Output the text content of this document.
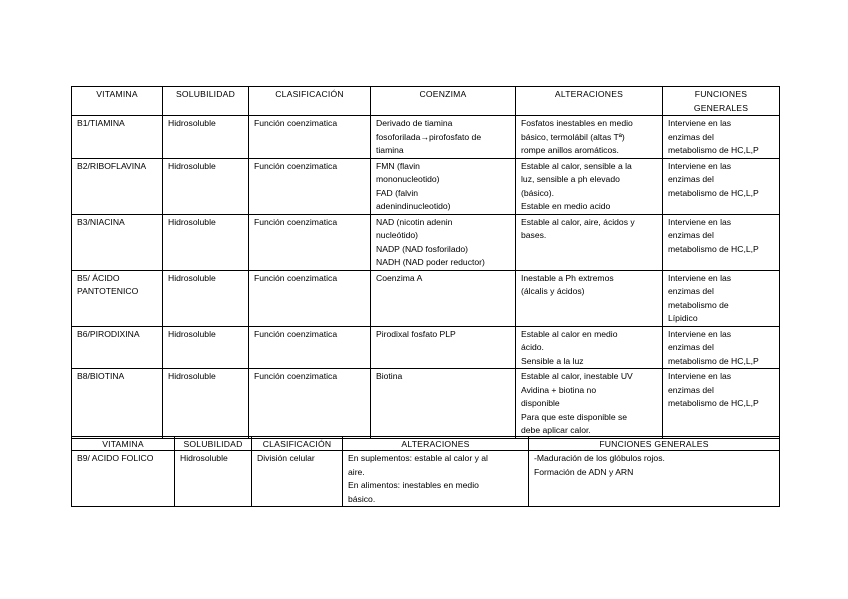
VITAMINA	SOLUBILIDAD	CLASIFICACIÓN	COENZIMA	ALTERACIONES	FUNCIONES
GENERALES
B1/TIAMINA	Hidrosoluble	Función coenzimatica	Derivado de tiamina
fosoforilada→pirofosfato de
tiamina	Fosfatos inestables en medio
básico, termolábil (altas Tª)
rompe anillos aromáticos.	Interviene en las
enzimas del
metabolismo de HC,L,P
B2/RIBOFLAVINA	Hidrosoluble	Función coenzimatica	FMN (flavin
mononucleotido)
FAD (falvin
adenindinucleotido)	Estable al calor, sensible a la
luz, sensible a ph elevado
(básico).
Estable en medio acido	Interviene en las
enzimas del
metabolismo de HC,L,P
B3/NIACINA	Hidrosoluble	Función coenzimatica	NAD (nicotin adenin
nucleótido)
NADP (NAD fosforilado)
NADH (NAD poder reductor)	Estable al calor, aire, ácidos y
bases.	Interviene en las
enzimas del
metabolismo de HC,L,P
B5/ ÁCIDO
PANTOTENICO	Hidrosoluble	Función coenzimatica	Coenzima A	Inestable a Ph extremos
(álcalis y ácidos)	Interviene en las
enzimas del
metabolismo de
Lípidico
B6/PIRODIXINA	Hidrosoluble	Función coenzimatica	Pirodixal fosfato PLP	Estable al calor en medio
ácido.
Sensible a la luz	Interviene en las
enzimas del
metabolismo de HC,L,P
B8/BIOTINA	Hidrosoluble	Función coenzimatica	Biotina	Estable al calor, inestable UV
Avidina + biotina no
disponible
Para que este disponible se
debe aplicar calor.	Interviene en las
enzimas del
metabolismo de HC,L,P
VITAMINA	SOLUBILIDAD	CLASIFICACIÓN	ALTERACIONES	FUNCIONES GENERALES
B9/ ACIDO FOLICO	Hidrosoluble	División celular	En suplementos: estable al calor y al
aire.
En alimentos: inestables en medio
básico.	-Maduración de los glóbulos rojos.
Formación de ADN y ARN
